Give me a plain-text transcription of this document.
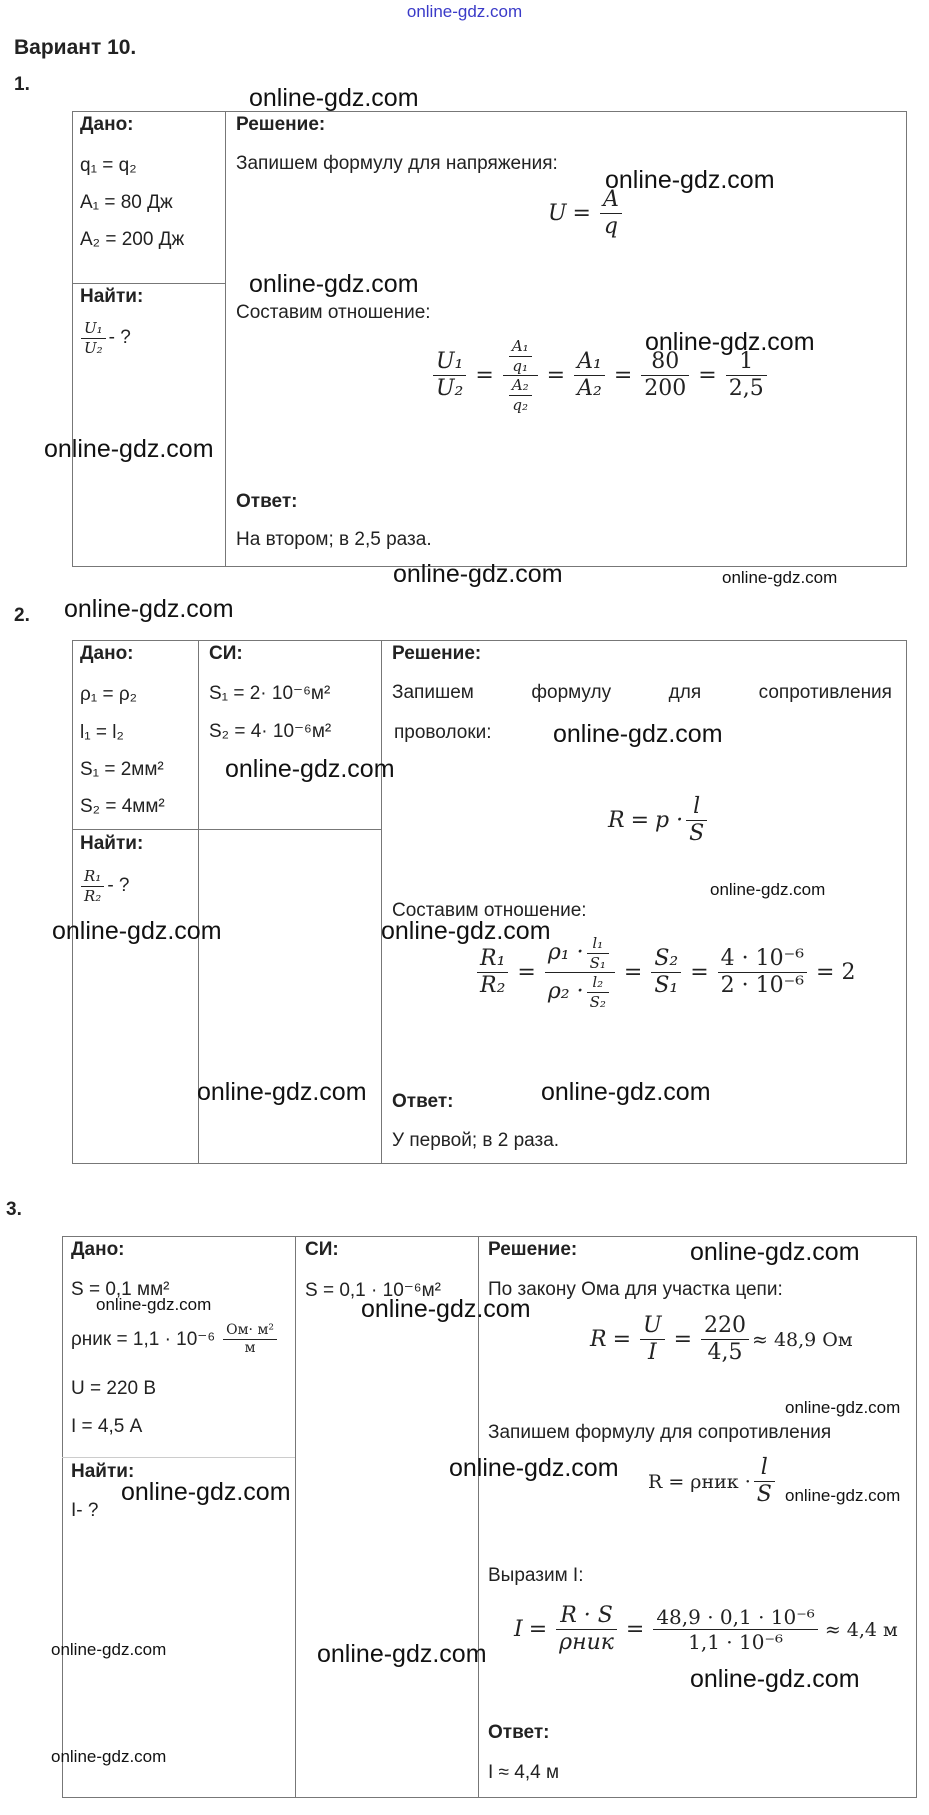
online-gdz.com
Вариант 10.
1.
Дано:
q₁ = q₂
A₁ = 80 Дж
A₂ = 200 Дж
Найти:
$\frac{\text{U₁}}{\text{U₂}}$ - ?
Решение:
Запишем формулу для напряжения:
$U = \frac{A}{q}$
Составим отношение:
$\frac{\text{U₁}}{\text{U₂}} = \frac{\frac{\text{A₁}}{\text{q₁}}}{\frac{\text{A₂}}{\text{q₂}}} = \frac{\text{A₁}}{\text{A₂}} = \frac{80}{200} = \frac{1}{2,5}$
Ответ:
На втором; в 2,5 раза.
2.
Дано:
ρ₁ = ρ₂
l₁ = l₂
S₁ = 2мм²
S₂ = 4мм²
Найти:
$\frac{\text{R₁}}{\text{R₂}}$ - ?
СИ:
S₁ = 2· 10⁻⁶м²
S₂ = 4· 10⁻⁶м²
Решение:
Запишем	формулу	для	сопротивления
проволоки:
$R = p \cdot \frac{l}{S}$
Составим отношение:
$\frac{\text{R₁}}{\text{R₂}} = \frac{\rho_1 \cdot \frac{\text{l₁}}{\text{S₁}}}{\rho_2 \cdot \frac{\text{l₂}}{\text{S₂}}} = \frac{\text{S₂}}{\text{S₁}} = \frac{\text{4 · 10⁻⁶}}{\text{2 · 10⁻⁶}} = 2$
Ответ:
У первой; в 2 раза.
3.
Дано:
S = 0,1 мм²
$\rho ник = 1,1 \cdot 10^{-6} \frac{\text{Ом· м²}}{м}$
U = 220 В
I = 4,5 А
Найти:
I- ?
СИ:
S = 0,1 · 10⁻⁶м²
Решение:
По закону Ома для участка цепи:
$R = \frac{U}{I} = \frac{220}{4,5} \approx 48,9$ Ом
Запишем формулу для сопротивления
$R = \rho ник \cdot \frac{l}{S}$
Выразим I:
$I = \frac{R \cdot S}{\text{ρник}} = \frac{\text{48,9 · 0,1 · 10⁻⁶}}{\text{1,1 · 10⁻⁶}} \approx 4,4$ м
Ответ:
I ≈ 4,4 м
online-gdz.com
online-gdz.com
online-gdz.com
online-gdz.com
online-gdz.com
online-gdz.com	online-gdz.com
online-gdz.com
online-gdz.com
online-gdz.com
online-gdz.com
online-gdz.com	online-gdz.com
online-gdz.com	online-gdz.com
online-gdz.com
online-gdz.com	online-gdz.com
online-gdz.com
online-gdz.com
online-gdz.com	online-gdz.com
online-gdz.com	online-gdz.com
online-gdz.com
online-gdz.com
